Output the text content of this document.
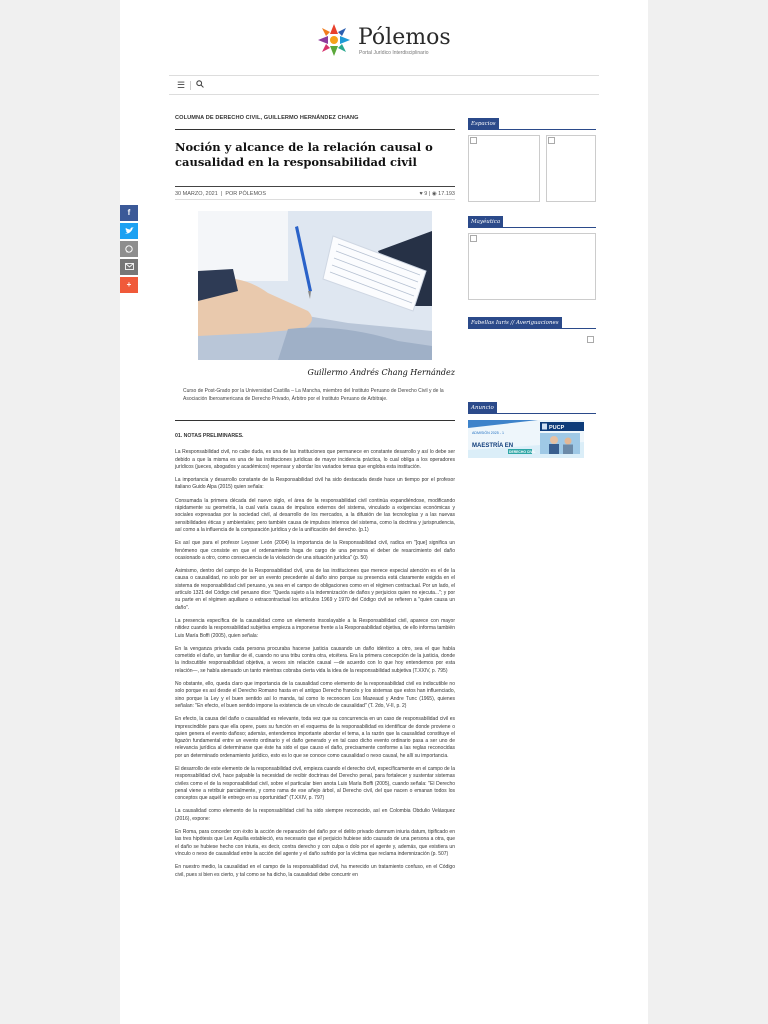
Pólemos
Portal Jurídico Interdisciplinario
☰
COLUMNA DE DERECHO CIVIL, GUILLERMO HERNÁNDEZ CHANG
Noción y alcance de la relación causal o causalidad en la responsabilidad civil
30 MARZO, 2021  |  POR PÓLEMOS	♥ 9 | ◉ 17.193
Guillermo Andrés Chang Hernández

Curso de Post-Grado por la Universidad Castilla – La Mancha, miembro del Instituto Peruano de Derecho Civil y de la Asociación Iberoamericana de Derecho Privado, Árbitro por el Instituto Peruano de Arbitraje.

01. NOTAS PRELIMINARES.

La Responsabilidad civil, no cabe duda, es una de las instituciones que permanece en constante desarrollo y así lo debe ser debido a que la misma es una de las instituciones jurídicas de mayor incidencia práctica, lo cual obliga a los operadores jurídicos (jueces, abogados y académicos) repensar y abordar los variados temas que engloba esta institución.

La importancia y desarrollo constante de la Responsabilidad civil ha sido destacada desde hace un tiempo por el profesor italiano Guido Alpa (2015) quien señala:

Consumada la primera década del nuevo siglo, el área de la responsabilidad civil continúa expandiéndose, modificando rápidamente su geometría, la cual varía causa de impulsos externos del sistema, vinculado a exigencias económicas y sociales expresadas por la sociedad civil, al desarrollo de los mercados, a la difusión de las tecnologías y a las nuevas sensibilidades éticas y ambientales; pero también causa de impulsos internos del sistema, como la doctrina y jurisprudencia, así como a la influencia de la comparación jurídica y de la unificación del derecho. (p.1)

Es así que para el profesor Leysser León (2004) la importancia de la Responsabilidad civil, radica en "[que] significa un fenómeno que consiste en que el ordenamiento haga de cargo de una persona el deber de resarcimiento del daño ocasionado a otro, como consecuencia de la violación de una situación jurídica" (p. 50)

Asimismo, dentro del campo de la Responsabilidad civil, una de las instituciones que merece especial atención es el de la causa o causalidad, no solo por ser un evento precedente al daño sino porque su presencia está claramente exigida en el sistema de responsabilidad civil peruano, ya sea en el campo de obligaciones como en el régimen contractual. Por un lado, el artículo 1321 del Código civil peruano dice: "Queda sujeto a la indemnización de daños y perjuicios quien no ejecuta..."; y por su parte en el régimen aquiliano o extracontractual los artículos 1969 y 1970 del Código civil se refieren a "quien causa un daño".

La presencia específica de la causalidad como un elemento insoslayable a la Responsabilidad civil, aparece con mayor nitidez cuando la responsabilidad subjetiva empieza a imponerse frente a la Responsabilidad objetiva, de ello informa también Luis María Boffi (2005), quien señala:

En la venganza privada cada persona procuraba hacerse justicia causando un daño idéntico a otro, sea el que había cometido el daño, un familiar de él, cuando no una tribu contra otra, etcétera. Era la primera concepción de la justicia, donde la indiscutible responsabilidad objetiva, a veces sin relación causal —de acuerdo con lo que hoy entendemos por esta relación—, se había atenuado un tanto mientras cobraba cierta vida la idea de la responsabilidad subjetiva (T.XXIV, p. 795)

No obstante, ello, queda claro que importancia de la causalidad como elemento de la responsabilidad civil es indiscutible no solo porque es así desde el Derecho Romano hasta en el antiguo Derecho francés y los sistemas que estos han influenciado, sino porque la Ley y el buen sentido así lo manda, tal como lo reconocen Los Mazeaud y Andre Tunc (1965), quienes señalan: "En efecto, el buen sentido impone la existencia de un vínculo de causalidad" (T. 2do, V-II, p. 2)

En efecto, la causa del daño o causalidad es relevante, toda vez que su concurrencia en un caso de responsabilidad civil es imprescindible para que ella opere, pues su función en el esquema de la responsabilidad es identificar de donde proviene o quien genera el evento dañoso; además, entendemos importante abordar el tema, a la razón que la causalidad constituye el ligazón fundamental entre un evento ordinario y el daño generado y en tal caso dicho evento ordinario pasa a ser uno de relevancia jurídica al determinarse que éste ha sido el que causo el daño, precisamente conforme a las reglas reconocidas por un determinado ordenamiento jurídico, esto es lo que se conoce como causalidad o nexo causal, he allí su importancia.

El desarrollo de este elemento de la responsabilidad civil, empieza cuando el derecho civil, específicamente en el campo de la responsabilidad civil, hace palpable la necesidad de recibir doctrinas del Derecho penal, para fortalecer y sustentar sistemas civiles como el de la responsabilidad civil, sobre el particular bien anota Luis María Boffi (2005), cuando señala: "El Derecho penal viene a retribuir parcialmente, y como rama de ese añejo árbol, al Derecho civil, del que nacen o emanan todos los conceptos que aquél le entrego en su oportunidad" (T.XXIV, p. 797)

La causalidad como elemento de la responsabilidad civil ha sido siempre reconocido, así en Colombia Obdulio Velásquez (2016), expone:

En Roma, para conceder con éxito la acción de reparación del daño por el delito privado damnum iniuria datum, tipificado en las tres hipótesis que Lex Aquilia estableció, era necesario que el perjuicio hubiese sido causado de una persona a otra, que el daño se hubiese hecho con iniuria, es decir, contra derecho y con culpa o dolo por el agente y, además, que existiera un vínculo o nexo de causalidad entre la acción del agente y el daño sufrido por la víctima que reclama indemnización (p. 507)

En nuestro medio, la causalidad en el campo de la responsabilidad civil, ha merecido un tratamiento confuso, en el Código civil, pues si bien es cierto, y tal como se ha dicho, la causalidad debe concurrir en

Espacios
Mayéutica
Fabellas Iuris // Averiguaciones
Anuncio
PUCP
ADMISIÓN 2025 - 1
MAESTRÍA EN
DERECHO CIVIL
f
+
